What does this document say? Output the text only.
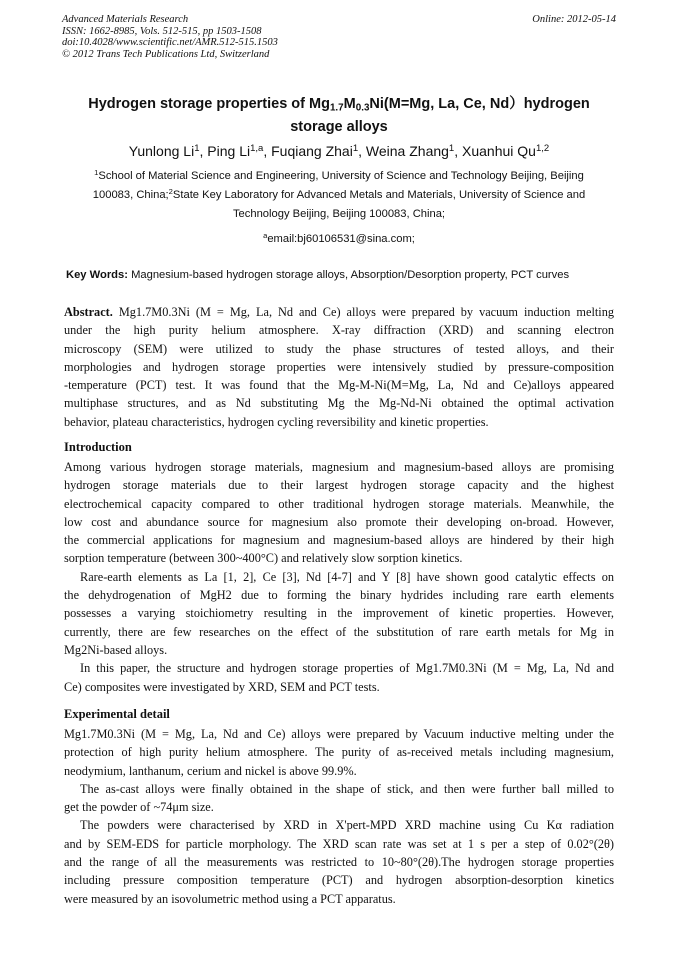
Advanced Materials Research
ISSN: 1662-8985, Vols. 512-515, pp 1503-1508
doi:10.4028/www.scientific.net/AMR.512-515.1503
© 2012 Trans Tech Publications Ltd, Switzerland
Online: 2012-05-14
Hydrogen storage properties of $Mg_{1.7}M_{0.3}Ni(M=Mg$, La, Ce, Nd）hydrogen
storage alloys
Yunlong Li$^1$, Ping Li$^{1,a}$, Fuqiang Zhai$^1$, Weina Zhang$^1$, Xuanhui Qu$^{1,2}$
$^1$School of Material Science and Engineering, University of Science and Technology Beijing, Beijing
100083, China;$^2$State Key Laboratory for Advanced Metals and Materials, University of Science and
Technology Beijing, Beijing 100083, China;
$^a$email:bj60106531@sina.com;
Key Words: Magnesium-based hydrogen storage alloys, Absorption/Desorption property, PCT curves
Abstract. Mg1.7M0.3Ni (M = Mg, La, Nd and Ce) alloys were prepared by vacuum induction melting
under the high purity helium atmosphere. X-ray diffraction (XRD) and scanning electron
microscopy (SEM) were utilized to study the phase structures of tested alloys, and their
morphologies and hydrogen storage properties were intensively studied by pressure-composition
-temperature (PCT) test. It was found that the Mg-M-Ni(M=Mg, La, Nd and Ce)alloys appeared
multiphase structures, and as Nd substituting Mg the Mg-Nd-Ni obtained the optimal activation
behavior, plateau characteristics, hydrogen cycling reversibility and kinetic properties.
Introduction
Among various hydrogen storage materials, magnesium and magnesium-based alloys are promising
hydrogen storage materials due to their largest hydrogen storage capacity and the highest
electrochemical capacity compared to other traditional hydrogen storage materials. Meanwhile, the
low cost and abundance source for magnesium also promote their developing on-broad. However,
the commercial applications for magnesium and magnesium-based alloys are hindered by their high
sorption temperature (between 300~400°C) and relatively slow sorption kinetics.
Rare-earth elements as La [1, 2], Ce [3], Nd [4-7] and Y [8] have shown good catalytic effects on
the dehydrogenation of MgH2 due to forming the binary hydrides including rare earth elements
possesses a varying stoichiometry resulting in the improvement of kinetic properties. However,
currently, there are few researches on the effect of the substitution of rare earth metals for Mg in
Mg2Ni-based alloys.
In this paper, the structure and hydrogen storage properties of Mg1.7M0.3Ni (M = Mg, La, Nd and
Ce) composites were investigated by XRD, SEM and PCT tests.
Experimental detail
Mg1.7M0.3Ni (M = Mg, La, Nd and Ce) alloys were prepared by Vacuum inductive melting under the
protection of high purity helium atmosphere. The purity of as-received metals including magnesium,
neodymium, lanthanum, cerium and nickel is above 99.9%.
The as-cast alloys were finally obtained in the shape of stick, and then were further ball milled to
get the powder of ~74μm size.
The powders were characterised by XRD in X'pert-MPD XRD machine using Cu Kα radiation
and by SEM-EDS for particle morphology. The XRD scan rate was set at 1 s per a step of 0.02°(2θ)
and the range of all the measurements was restricted to 10~80°(2θ).The hydrogen storage properties
including pressure composition temperature (PCT) and hydrogen absorption-desorption kinetics
were measured by an isovolumetric method using a PCT apparatus.
